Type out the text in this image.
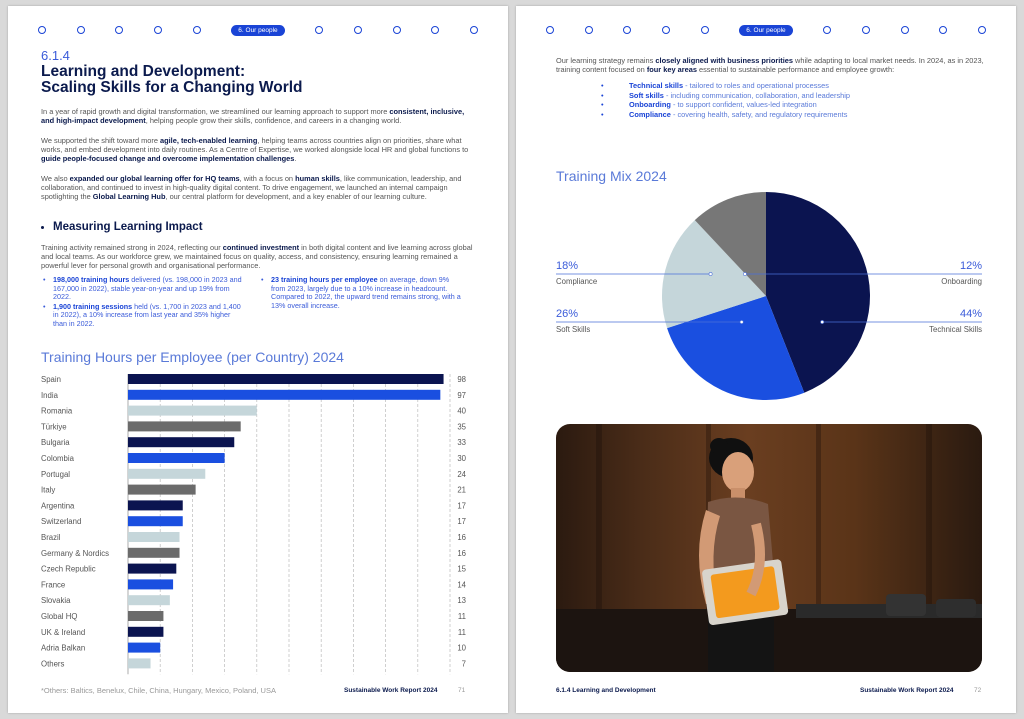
6. Our people
6.1.4
Learning and Development:
Scaling Skills for a Changing World
In a year of rapid growth and digital transformation, we streamlined our learning approach to support more consistent, inclusive, and high-impact development, helping people grow their skills, confidence, and careers in a changing world.
We supported the shift toward more agile, tech-enabled learning, helping teams across countries align on priorities, share what works, and embed development into daily routines. As a Centre of Expertise, we worked alongside local HR and global functions to guide people-focused change and overcome implementation challenges.
We also expanded our global learning offer for HQ teams, with a focus on human skills, like communication, leadership, and collaboration, and continued to invest in high-quality digital content. To drive engagement, we launched an internal campaign spotlighting the Global Learning Hub, our central platform for development, and a key enabler of our learning culture.
Measuring Learning Impact
Training activity remained strong in 2024, reflecting our continued investment in both digital content and live learning across global and local teams. As our workforce grew, we maintained focus on quality, access, and consistency, ensuring learning remained a powerful lever for personal growth and organisational performance.
• 198,000 training hours delivered (vs. 198,000 in 2023 and 167,000 in 2022), stable year-on-year and up 19% from 2022.
• 1,900 training sessions held (vs. 1,700 in 2023 and 1,400 in 2022), a 10% increase from last year and 35% higher than in 2022.
• 23 training hours per employee on average, down 9% from 2023, largely due to a 10% increase in headcount. Compared to 2022, the upward trend remains strong, with a 13% overall increase.
Training Hours per Employee (per Country) 2024
Spain	98
India	97
Romania	40
Türkiye	35
Bulgaria	33
Colombia	30
Portugal	24
Italy	21
Argentina	17
Switzerland	17
Brazil	16
Germany & Nordics	16
Czech Republic	15
France	14
Slovakia	13
Global HQ	11
UK & Ireland	11
Adria Balkan	10
Others	7
*Others: Baltics, Benelux, Chile, China, Hungary, Mexico, Poland, USA	Sustainable Work Report 2024	71
6. Our people
Our learning strategy remains closely aligned with business priorities while adapting to local market needs. In 2024, as in 2023, training content focused on four key areas essential to sustainable performance and employee growth:
• Technical skills - tailored to roles and operational processes
• Soft skills - including communication, collaboration, and leadership
• Onboarding - to support confident, values-led integration
• Compliance - covering health, safety, and regulatory requirements
Training Mix 2024
44%
Technical Skills
26%
Soft Skills
18%
Compliance
12%
Onboarding
6.1.4 Learning and Development	Sustainable Work Report 2024	72
